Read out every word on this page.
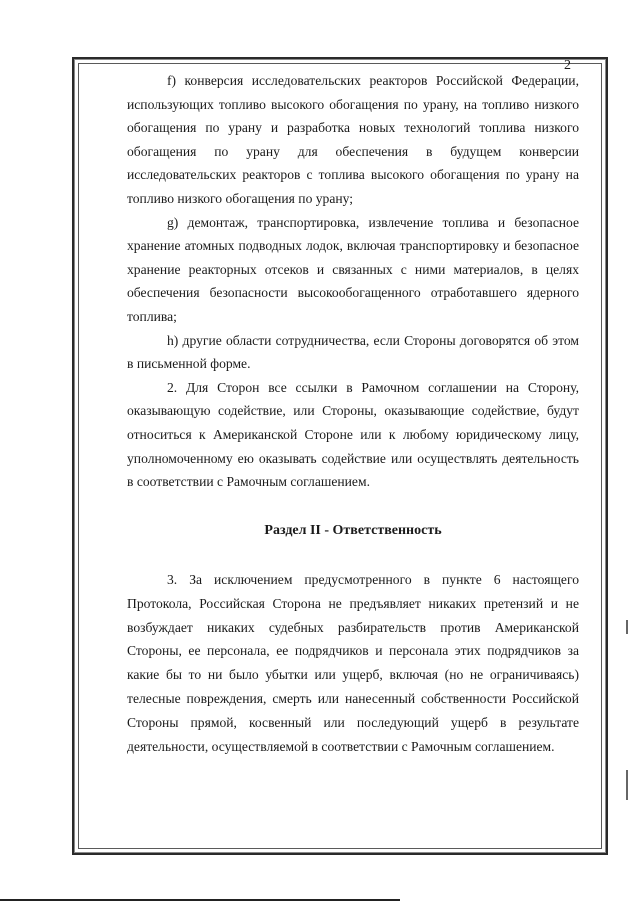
2

f) конверсия исследовательских реакторов Российской Федерации, использующих топливо высокого обогащения по урану, на топливо низкого обогащения по урану и разработка новых технологий топлива низкого обогащения по урану для обеспечения в будущем конверсии исследовательских реакторов с топлива высокого обогащения по урану на топливо низкого обогащения по урану;

g) демонтаж, транспортировка, извлечение топлива и безопасное хранение атомных подводных лодок, включая транспортировку и безопасное хранение реакторных отсеков и связанных с ними материалов, в целях обеспечения безопасности высокообогащенного отработавшего ядерного топлива;

h) другие области сотрудничества, если Стороны договорятся об этом в письменной форме.

2. Для Сторон все ссылки в Рамочном соглашении на Сторону, оказывающую содействие, или Стороны, оказывающие содействие, будут относиться к Американской Стороне или к любому юридическому лицу, уполномоченному ею оказывать содействие или осуществлять деятельность в соответствии с Рамочным соглашением.

Раздел II - Ответственность

3. За исключением предусмотренного в пункте 6 настоящего Протокола, Российская Сторона не предъявляет никаких претензий и не возбуждает никаких судебных разбирательств против Американской Стороны, ее персонала, ее подрядчиков и персонала этих подрядчиков за какие бы то ни было убытки или ущерб, включая (но не ограничиваясь) телесные повреждения, смерть или нанесенный собственности Российской Стороны прямой, косвенный или последующий ущерб в результате деятельности, осуществляемой в соответствии с Рамочным соглашением.
